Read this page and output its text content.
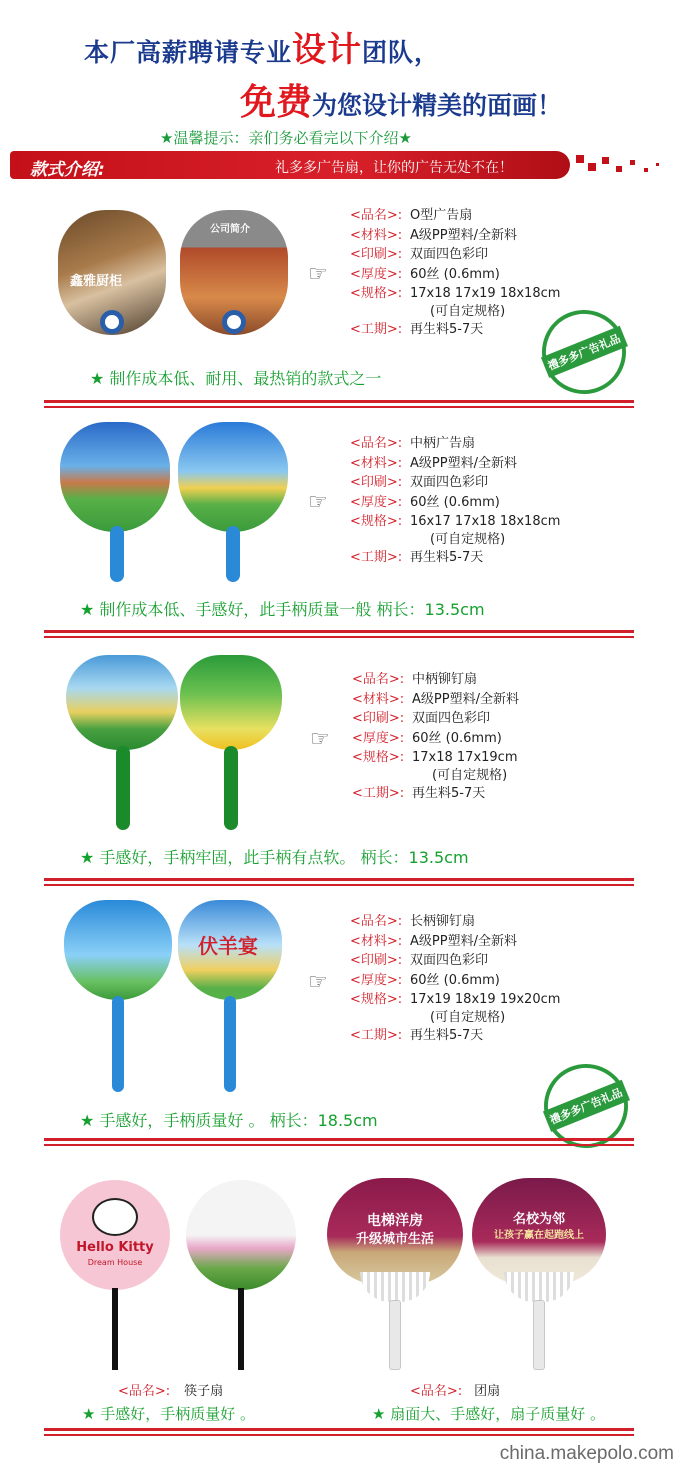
本厂高薪聘请专业设计团队，
免费为您设计精美的面画！
★温馨提示：亲们务必看完以下介绍★
款式介绍:	礼多多广告扇，让你的广告无处不在！
鑫雅厨柜
公司简介
☞
<品名>: O型广告扇
<材料>: A级PP塑料/全新料
<印刷>: 双面四色彩印
<厚度>: 60丝 (0.6mm)
<规格>: 17x18 17x19 18x18cm
(可自定规格)
<工期>: 再生料5-7天
禮多多广告礼品
★ 制作成本低、耐用、最热销的款式之一
☞
<品名>: 中柄广告扇
<材料>: A级PP塑料/全新料
<印刷>: 双面四色彩印
<厚度>: 60丝 (0.6mm)
<规格>: 16x17 17x18 18x18cm
(可自定规格)
<工期>: 再生料5-7天
★ 制作成本低、手感好，此手柄质量一般 柄长：13.5cm
☞
<品名>: 中柄铆钉扇
<材料>: A级PP塑料/全新料
<印刷>: 双面四色彩印
<厚度>: 60丝 (0.6mm)
<规格>: 17x18 17x19cm
(可自定规格)
<工期>: 再生料5-7天
★ 手感好，手柄牢固，此手柄有点软。 柄长：13.5cm
伏羊宴
☞
<品名>: 长柄铆钉扇
<材料>: A级PP塑料/全新料
<印刷>: 双面四色彩印
<厚度>: 60丝 (0.6mm)
<规格>: 17x19 18x19 19x20cm
(可自定规格)
<工期>: 再生料5-7天
禮多多广告礼品
★ 手感好，手柄质量好 。 柄长：18.5cm
Hello Kitty
Dream House
电梯洋房
升级城市生活
名校为邻
让孩子赢在起跑线上
<品名>: 筷子扇	<品名>: 团扇
★ 手感好，手柄质量好 。	★ 扇面大、手感好，扇子质量好 。
china.makepolo.com
